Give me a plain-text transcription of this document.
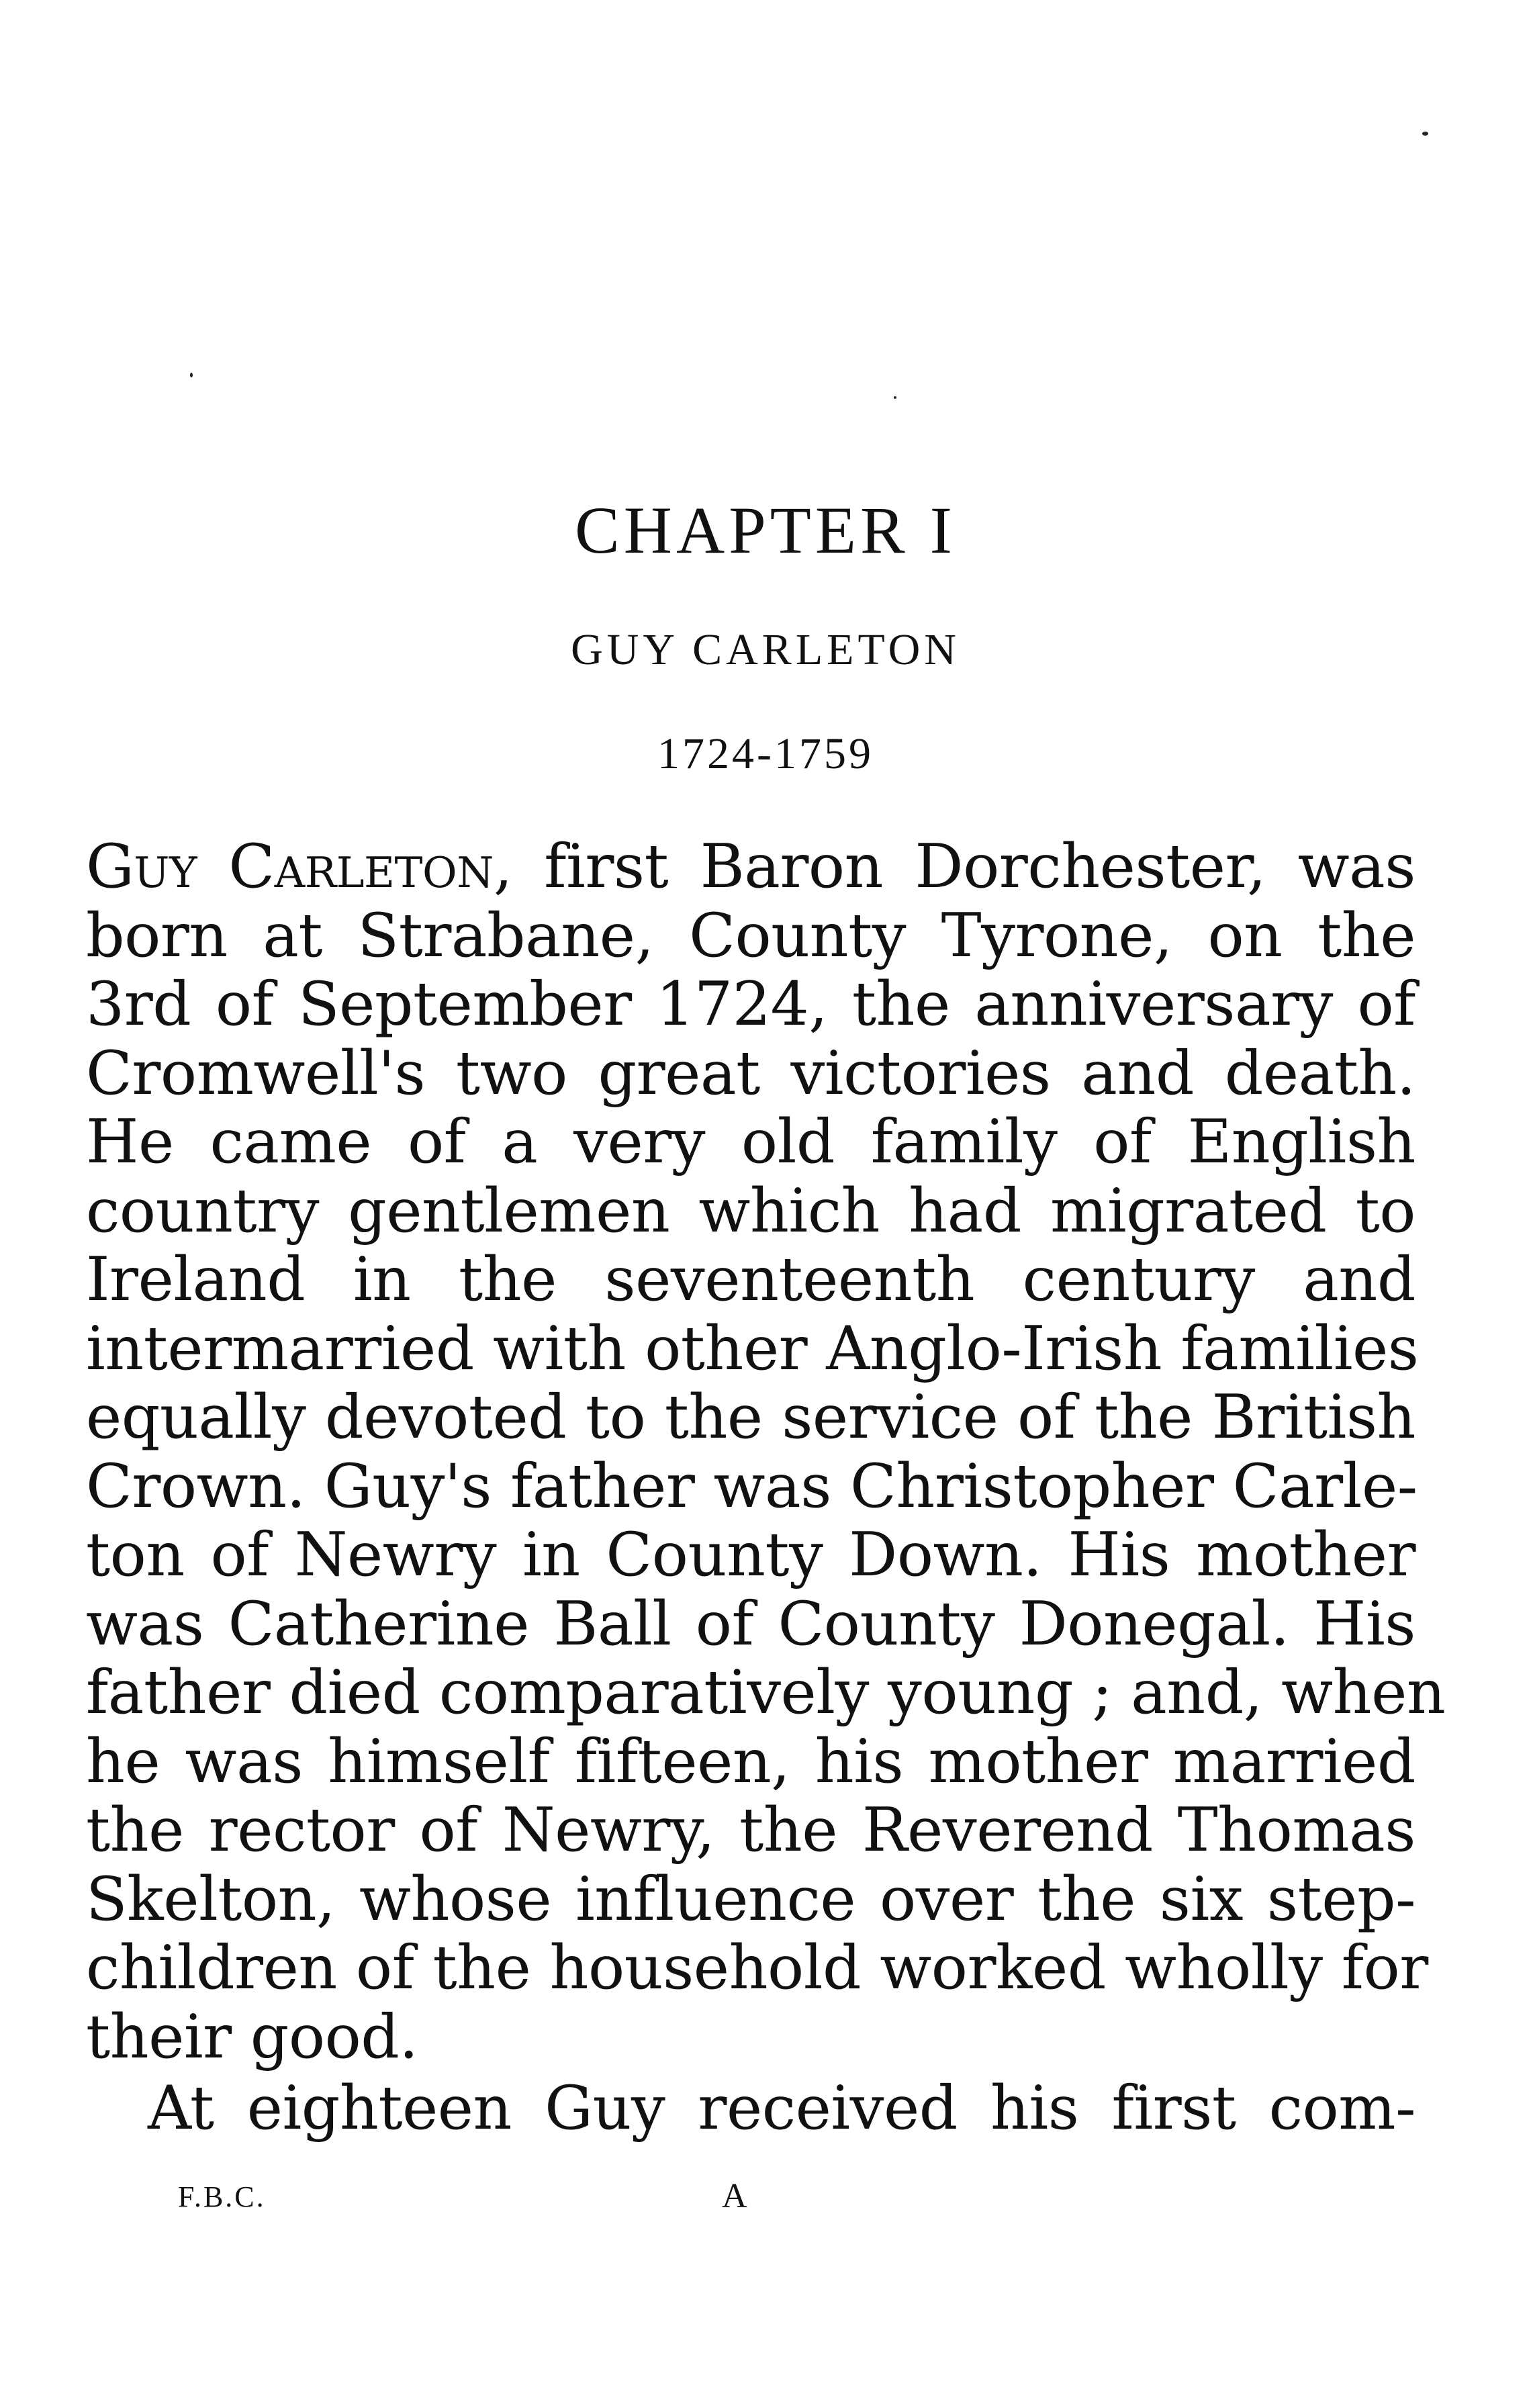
CHAPTER I
GUY CARLETON
1724-1759
Guy Carleton, first Baron Dorchester, was
born at Strabane, County Tyrone, on the
3rd of September 1724, the anniversary of
Cromwell's two great victories and death.
He came of a very old family of English
country gentlemen which had migrated to
Ireland in the seventeenth century and
intermarried with other Anglo-Irish families
equally devoted to the service of the British
Crown. Guy's father was Christopher Carle-
ton of Newry in County Down. His mother
was Catherine Ball of County Donegal. His
father died comparatively young ; and, when
he was himself fifteen, his mother married
the rector of Newry, the Reverend Thomas
Skelton, whose influence over the six step-
children of the household worked wholly for
their good.
At eighteen Guy received his first com-
F.B.C.	A
